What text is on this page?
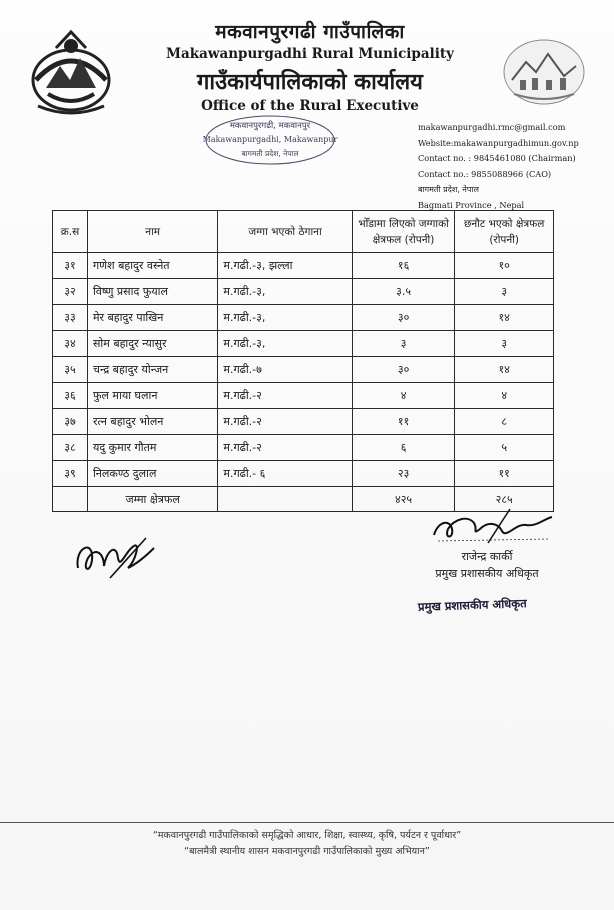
मकवानपुरगढी गाउँपालिका
Makawanpurgadhi Rural Municipality
गाउँकार्यपालिकाको कार्यालय
Office of the Rural Executive
मकवानपुरगढी, मकवानपुर
Makawanpurgadhi, Makawanpur
बागमती प्रदेश, नेपाल
makawanpurgadhi.rmc@gmail.com
Website:makawanpurgadhimun.gov.np
Contact no. : 9845461080 (Chairman)
Contact no.: 9855088966 (CAO)
बागमती प्रदेश, नेपाल
Bagmati Province , Nepal
क्र.स	नाम	जग्गा भएको ठेगाना	भोँडामा लिएको जग्गाको क्षेत्रफल (रोपनी)	छनौट भएको क्षेत्रफल (रोपनी)
३१	गणेश बहादुर वस्नेत	म.गढी.-३, झल्ला	१६	१०
३२	विष्णु प्रसाद फुयाल	म.गढी.-३,	३.५	३
३३	मेर बहादुर पाखिन	म.गढी.-३,	३०	१४
३४	सोम बहादुर न्यासुर	म.गढी.-३,	३	३
३५	चन्द्र बहादुर योन्जन	म.गढी.-७	३०	१४
३६	फुल माया घलान	म.गढी.-२	४	४
३७	रत्न बहादुर भोलन	म.गढी.-२	११	८
३८	यदु कुमार गौतम	म.गढी.-२	६	५
३९	निलकण्ठ दुलाल	म.गढी.- ६	२३	११
	जम्मा क्षेत्रफल		४२५	२८५
राजेन्द्र कार्की
प्रमुख प्रशासकीय अधिकृत
प्रमुख प्रशासकीय अधिकृत
“मकवानपुरगढी गाउँपालिकाको समृद्धिको आधार, शिक्षा, स्वास्थ्य, कृषि, पर्यटन र पूर्वाधार”
“बालमैत्री स्थानीय शासन मकवानपुरगढी गाउँपालिकाको मुख्य अभियान”
